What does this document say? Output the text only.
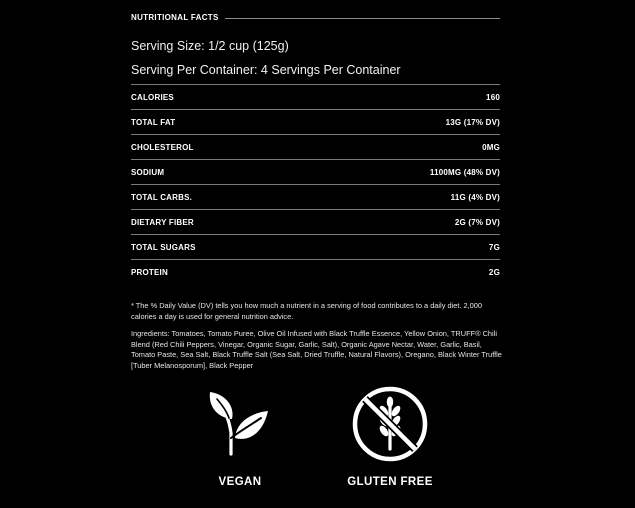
NUTRITIONAL FACTS
Serving Size: 1/2 cup (125g)
Serving Per Container: 4 Servings Per Container
CALORIES	160
TOTAL FAT	13G (17% DV)
CHOLESTEROL	0MG
SODIUM	1100MG (48% DV)
TOTAL CARBS.	11G (4% DV)
DIETARY FIBER	2G (7% DV)
TOTAL SUGARS	7G
PROTEIN	2G
* The % Daily Value (DV) tells you how much a nutrient in a serving of food contributes to a daily diet. 2,000 calories a day is used for general nutrition advice.
Ingredients: Tomatoes, Tomato Puree, Olive Oil Infused with Black Truffle Essence, Yellow Onion, TRUFF® Chili Blend (Red Chili Peppers, Vinegar, Organic Sugar, Garlic, Salt), Organic Agave Nectar, Water, Garlic, Basil, Tomato Paste, Sea Salt, Black Truffle Salt (Sea Salt, Dried Truffle, Natural Flavors), Oregano, Black Winter Truffle [Tuber Melanosporum], Black Pepper
VEGAN	GLUTEN FREE
